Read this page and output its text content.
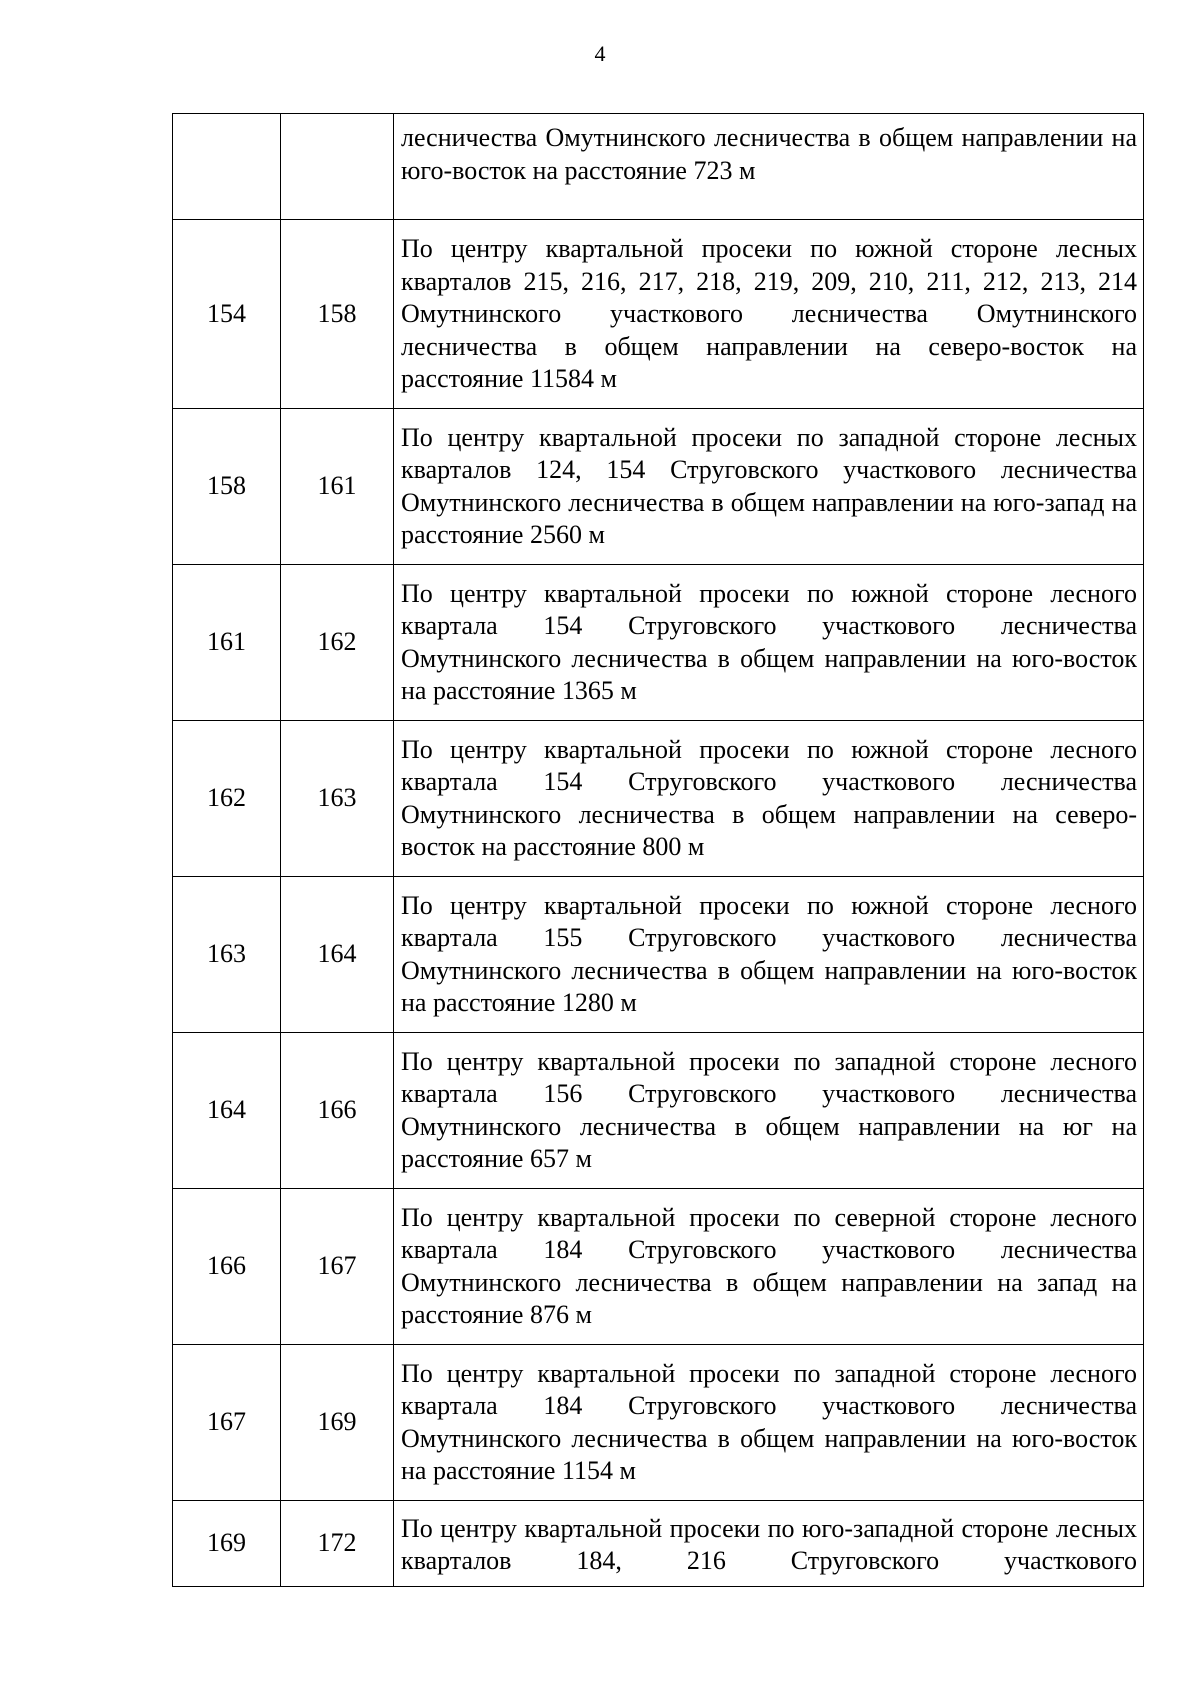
4
		лесничества Омутнинского лесничества в общем направлении на юго-восток на расстояние 723 м
154	158	По центру квартальной просеки по южной стороне лесных кварталов 215, 216, 217, 218, 219, 209, 210, 211, 212, 213, 214 Омутнинского участкового лесничества Омутнинского лесничества в общем направлении на северо-восток на расстояние 11584 м
158	161	По центру квартальной просеки по западной стороне лесных кварталов 124, 154 Струговского участкового лесничества Омутнинского лесничества в общем направлении на юго-запад на расстояние 2560 м
161	162	По центру квартальной просеки по южной стороне лесного квартала 154 Струговского участкового лесничества Омутнинского лесничества в общем направлении на юго-восток на расстояние 1365 м
162	163	По центру квартальной просеки по южной стороне лесного квартала 154 Струговского участкового лесничества Омутнинского лесничества в общем направлении на северо-восток на расстояние 800 м
163	164	По центру квартальной просеки по южной стороне лесного квартала 155 Струговского участкового лесничества Омутнинского лесничества в общем направлении на юго-восток на расстояние 1280 м
164	166	По центру квартальной просеки по западной стороне лесного квартала 156 Струговского участкового лесничества Омутнинского лесничества в общем направлении на юг на расстояние 657 м
166	167	По центру квартальной просеки по северной стороне лесного квартала 184 Струговского участкового лесничества Омутнинского лесничества в общем направлении на запад на расстояние 876 м
167	169	По центру квартальной просеки по западной стороне лесного квартала 184 Струговского участкового лесничества Омутнинского лесничества в общем направлении на юго-восток на расстояние 1154 м
169	172	По центру квартальной просеки по юго-западной стороне лесных кварталов 184, 216 Струговского участкового
